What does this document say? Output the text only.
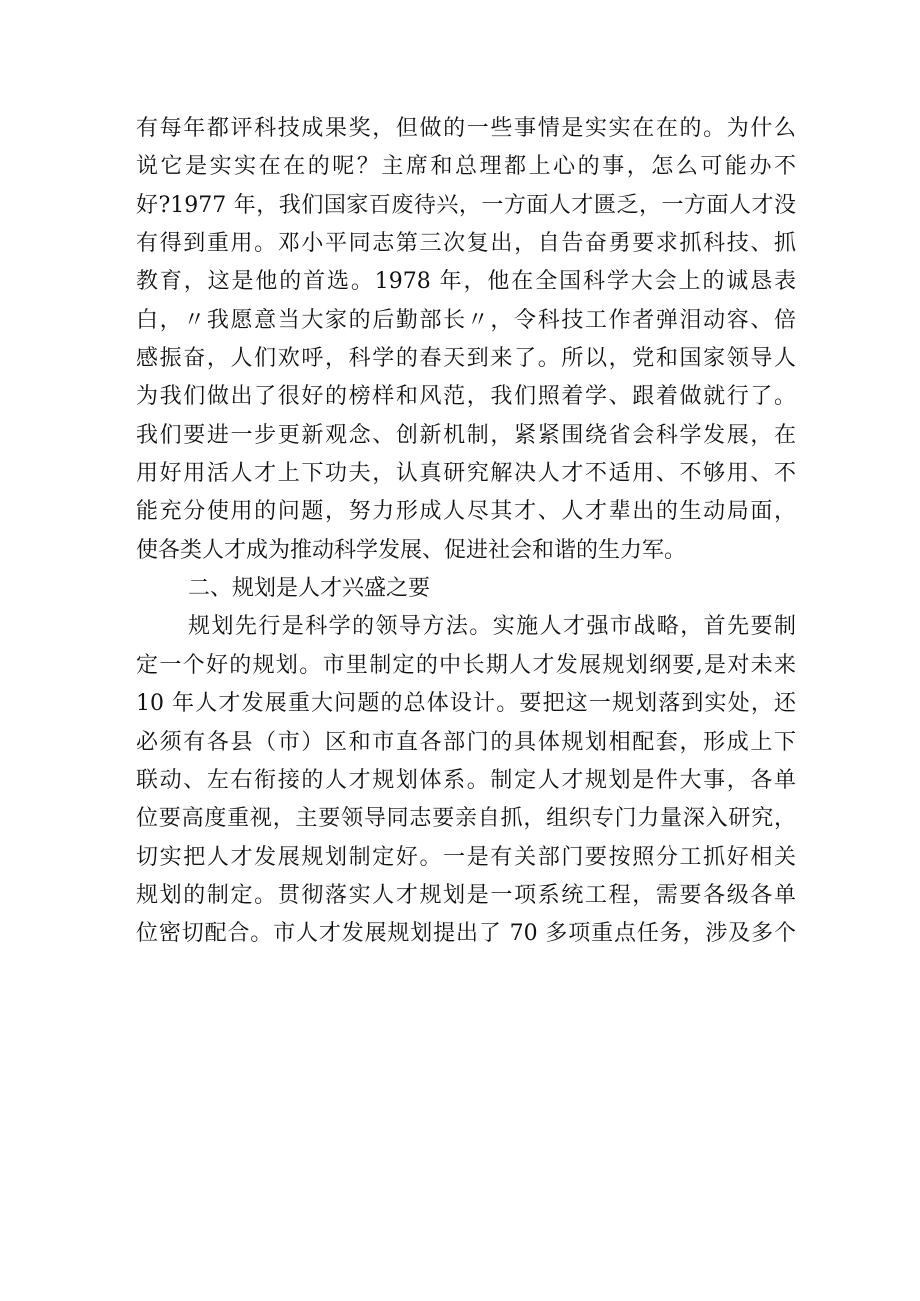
有每年都评科技成果奖，但做的一些事情是实实在在的。为什么
说它是实实在在的呢？主席和总理都上心的事，怎么可能办不
好?1977 年，我们国家百废待兴，一方面人才匮乏，一方面人才没
有得到重用。邓小平同志第三次复出，自告奋勇要求抓科技、抓
教育，这是他的首选。1978 年，他在全国科学大会上的诚恳表
白，〃我愿意当大家的后勤部长〃，令科技工作者弹泪动容、倍
感振奋，人们欢呼，科学的春天到来了。所以，党和国家领导人
为我们做出了很好的榜样和风范，我们照着学、跟着做就行了。
我们要进一步更新观念、创新机制，紧紧围绕省会科学发展，在
用好用活人才上下功夫，认真研究解决人才不适用、不够用、不
能充分使用的问题，努力形成人尽其才、人才辈出的生动局面，
使各类人才成为推动科学发展、促进社会和谐的生力军。
二、规划是人才兴盛之要
规划先行是科学的领导方法。实施人才强市战略，首先要制
定一个好的规划。市里制定的中长期人才发展规划纲要,是对未来
10 年人才发展重大问题的总体设计。要把这一规划落到实处，还
必须有各县（市）区和市直各部门的具体规划相配套，形成上下
联动、左右衔接的人才规划体系。制定人才规划是件大事，各单
位要高度重视，主要领导同志要亲自抓，组织专门力量深入研究，
切实把人才发展规划制定好。一是有关部门要按照分工抓好相关
规划的制定。贯彻落实人才规划是一项系统工程，需要各级各单
位密切配合。市人才发展规划提出了 70 多项重点任务，涉及多个
